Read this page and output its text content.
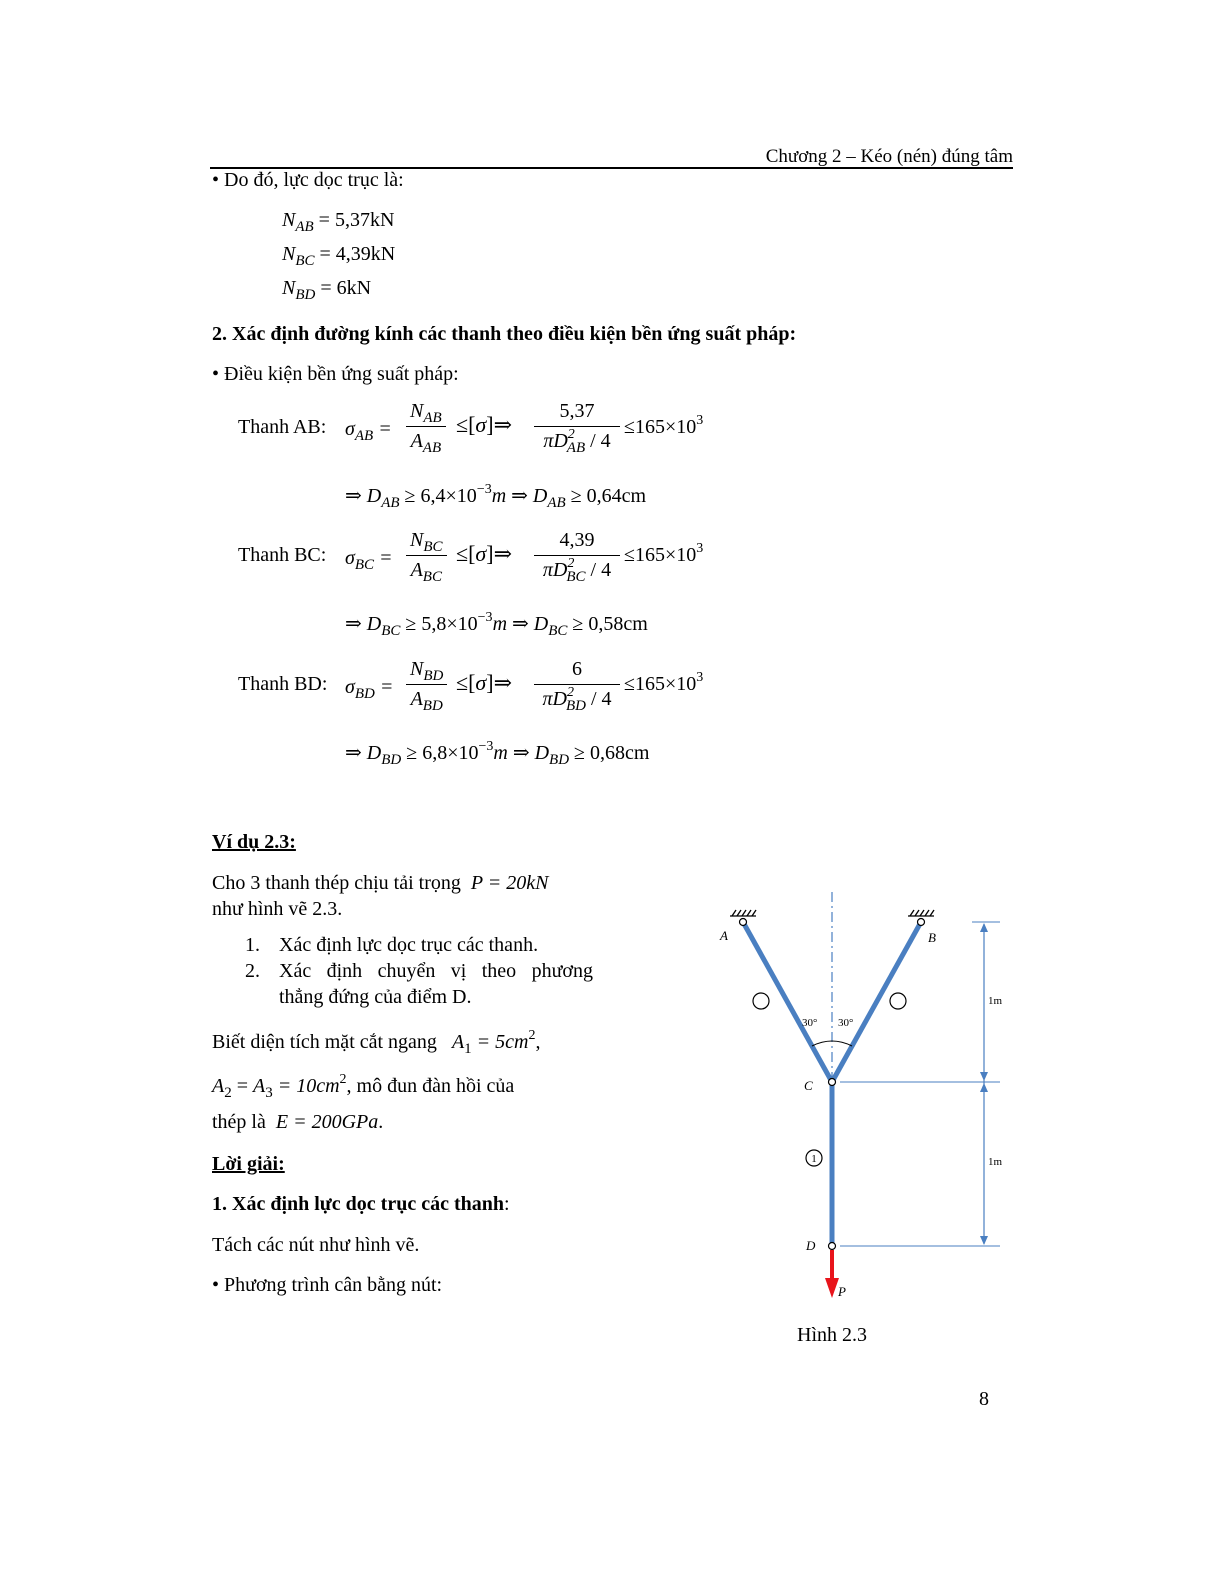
Chương 2 – Kéo (nén) đúng tâm
• Do đó, lực dọc trục là:
$N_{AB} = 5,37kN$
$N_{BC} = 4,39kN$
$N_{BD} = 6kN$
2. Xác định đường kính các thanh theo điều kiện bền ứng suất pháp:
• Điều kiện bền ứng suất pháp:
Thanh AB: $\sigma_{AB}$ =
$N_{AB}$
$A_{AB}$
≤[σ]⇒
5,37
$\pi D^2_{AB} / 4$
$\le 165\times 10^3$
⇒ $D_{AB} \ge 6,4\times 10^{-3}m$ ⇒ $D_{AB} \ge 0,64cm$
Thanh BC: $\sigma_{BC}$ =
$N_{BC}$
$A_{BC}$
≤[σ]⇒
4,39
$\pi D^2_{BC} / 4$
$\le 165\times 10^3$
⇒ $D_{BC} \ge 5,8\times 10^{-3}m$ ⇒ $D_{BC} \ge 0,58cm$
Thanh BD: $\sigma_{BD}$ =
$N_{BD}$
$A_{BD}$
≤[σ]⇒
6
$\pi D^2_{BD} / 4$
$\le 165\times 10^3$
⇒ $D_{BD} \ge 6,8\times 10^{-3}m$ ⇒ $D_{BD} \ge 0,68cm$
Ví dụ 2.3:
Cho 3 thanh thép chịu tải trọng P = 20kN
như hình vẽ 2.3.
1. Xác định lực dọc trục các thanh.
2. Xác định chuyển vị theo phương
thẳng đứng của điểm D.
Biết diện tích mặt cắt ngang $A_1 = 5cm^2$,
$A_2 = A_3 = 10cm^2$, mô đun đàn hồi của
thép là E = 200GPa.
Lời giải:
1. Xác định lực dọc trục các thanh:
Tách các nút như hình vẽ.
• Phương trình cân bằng nút:
30° 30°
1
A	B
C
D
P
1m
1m
Hình 2.3
8
